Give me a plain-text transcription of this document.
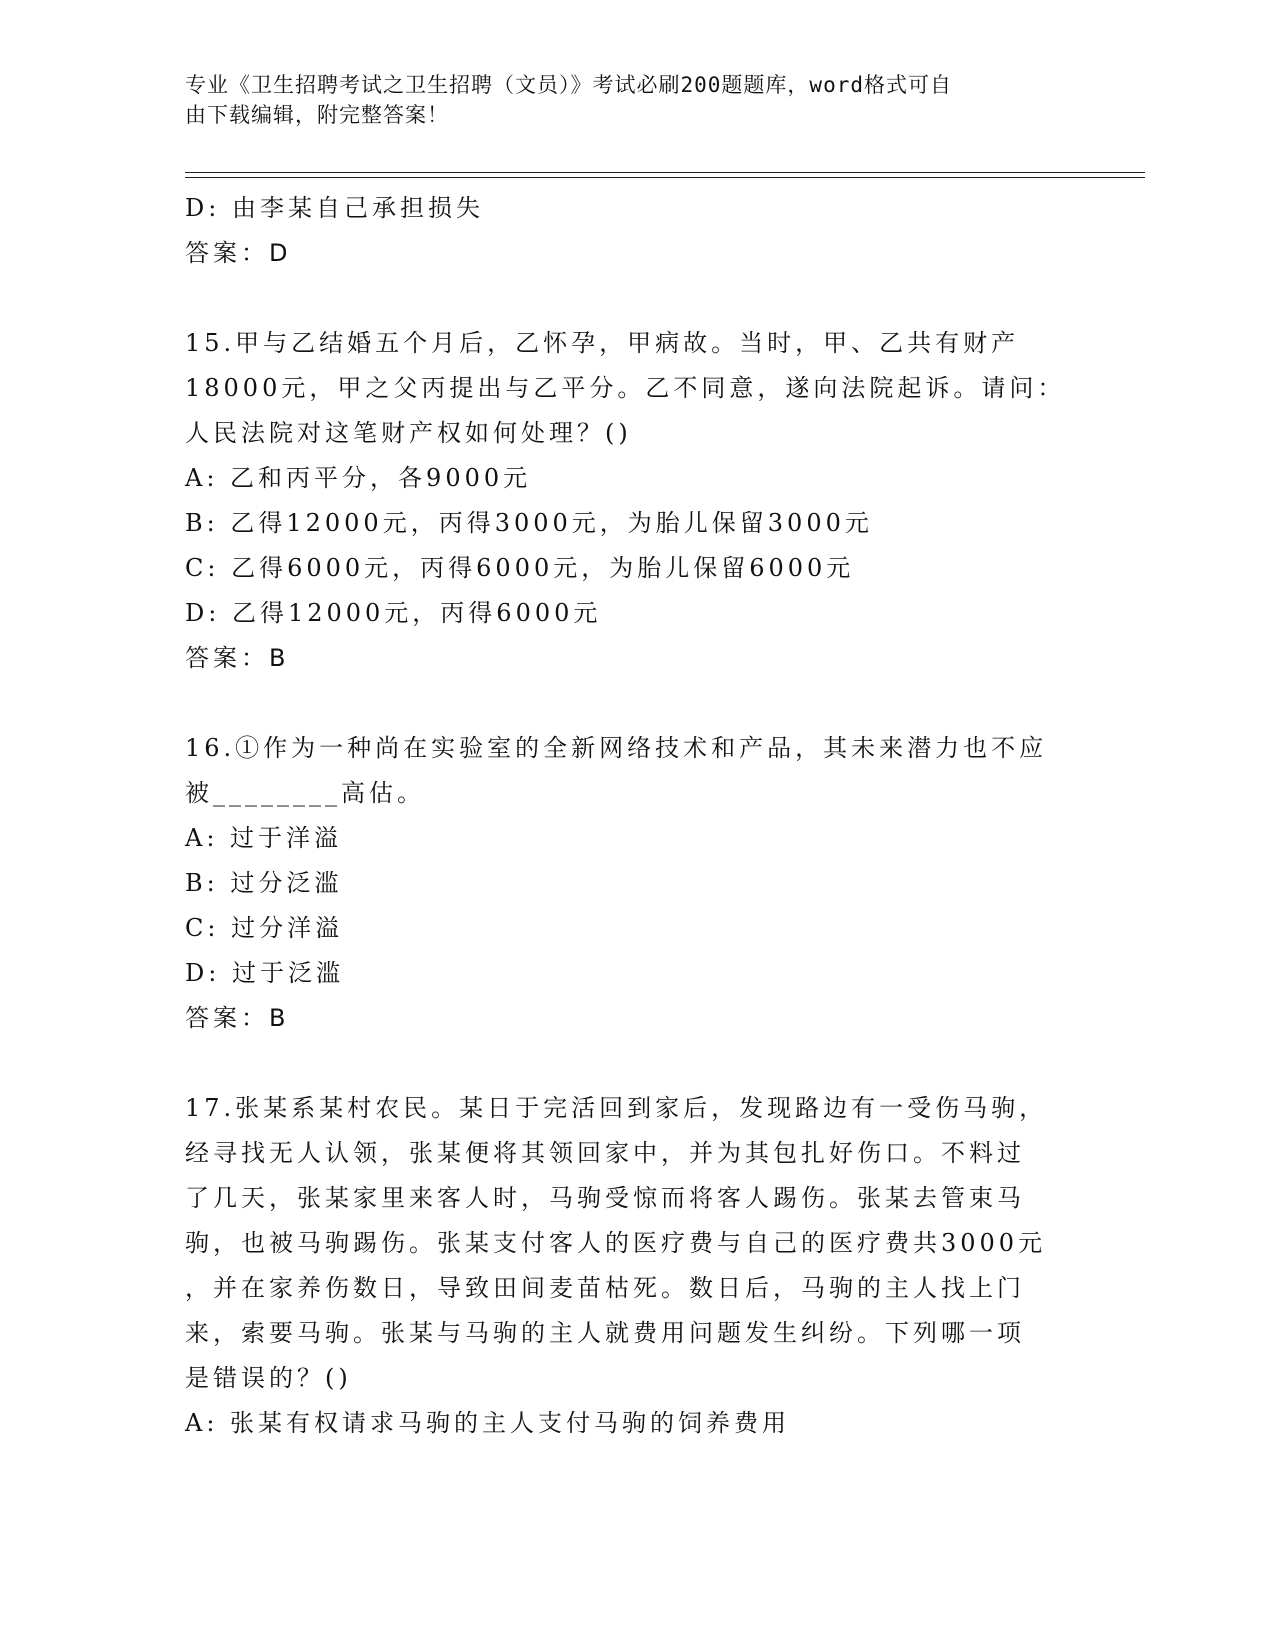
专业《卫生招聘考试之卫生招聘（文员）》考试必刷200题题库，word格式可自
由下载编辑，附完整答案！
D: 由李某自己承担损失
答案：D
15.甲与乙结婚五个月后，乙怀孕，甲病故。当时，甲、乙共有财产
18000元，甲之父丙提出与乙平分。乙不同意，遂向法院起诉。请问：
人民法院对这笔财产权如何处理？()
A: 乙和丙平分，各9000元
B: 乙得12000元，丙得3000元，为胎儿保留3000元
C: 乙得6000元，丙得6000元，为胎儿保留6000元
D: 乙得12000元，丙得6000元
答案：B
16.①作为一种尚在实验室的全新网络技术和产品，其未来潜力也不应
被________高估。
A: 过于洋溢
B: 过分泛滥
C: 过分洋溢
D: 过于泛滥
答案：B
17.张某系某村农民。某日于完活回到家后，发现路边有一受伤马驹，
经寻找无人认领，张某便将其领回家中，并为其包扎好伤口。不料过
了几天，张某家里来客人时，马驹受惊而将客人踢伤。张某去管束马
驹，也被马驹踢伤。张某支付客人的医疗费与自己的医疗费共3000元
，并在家养伤数日，导致田间麦苗枯死。数日后，马驹的主人找上门
来，索要马驹。张某与马驹的主人就费用问题发生纠纷。下列哪一项
是错误的？()
A: 张某有权请求马驹的主人支付马驹的饲养费用
